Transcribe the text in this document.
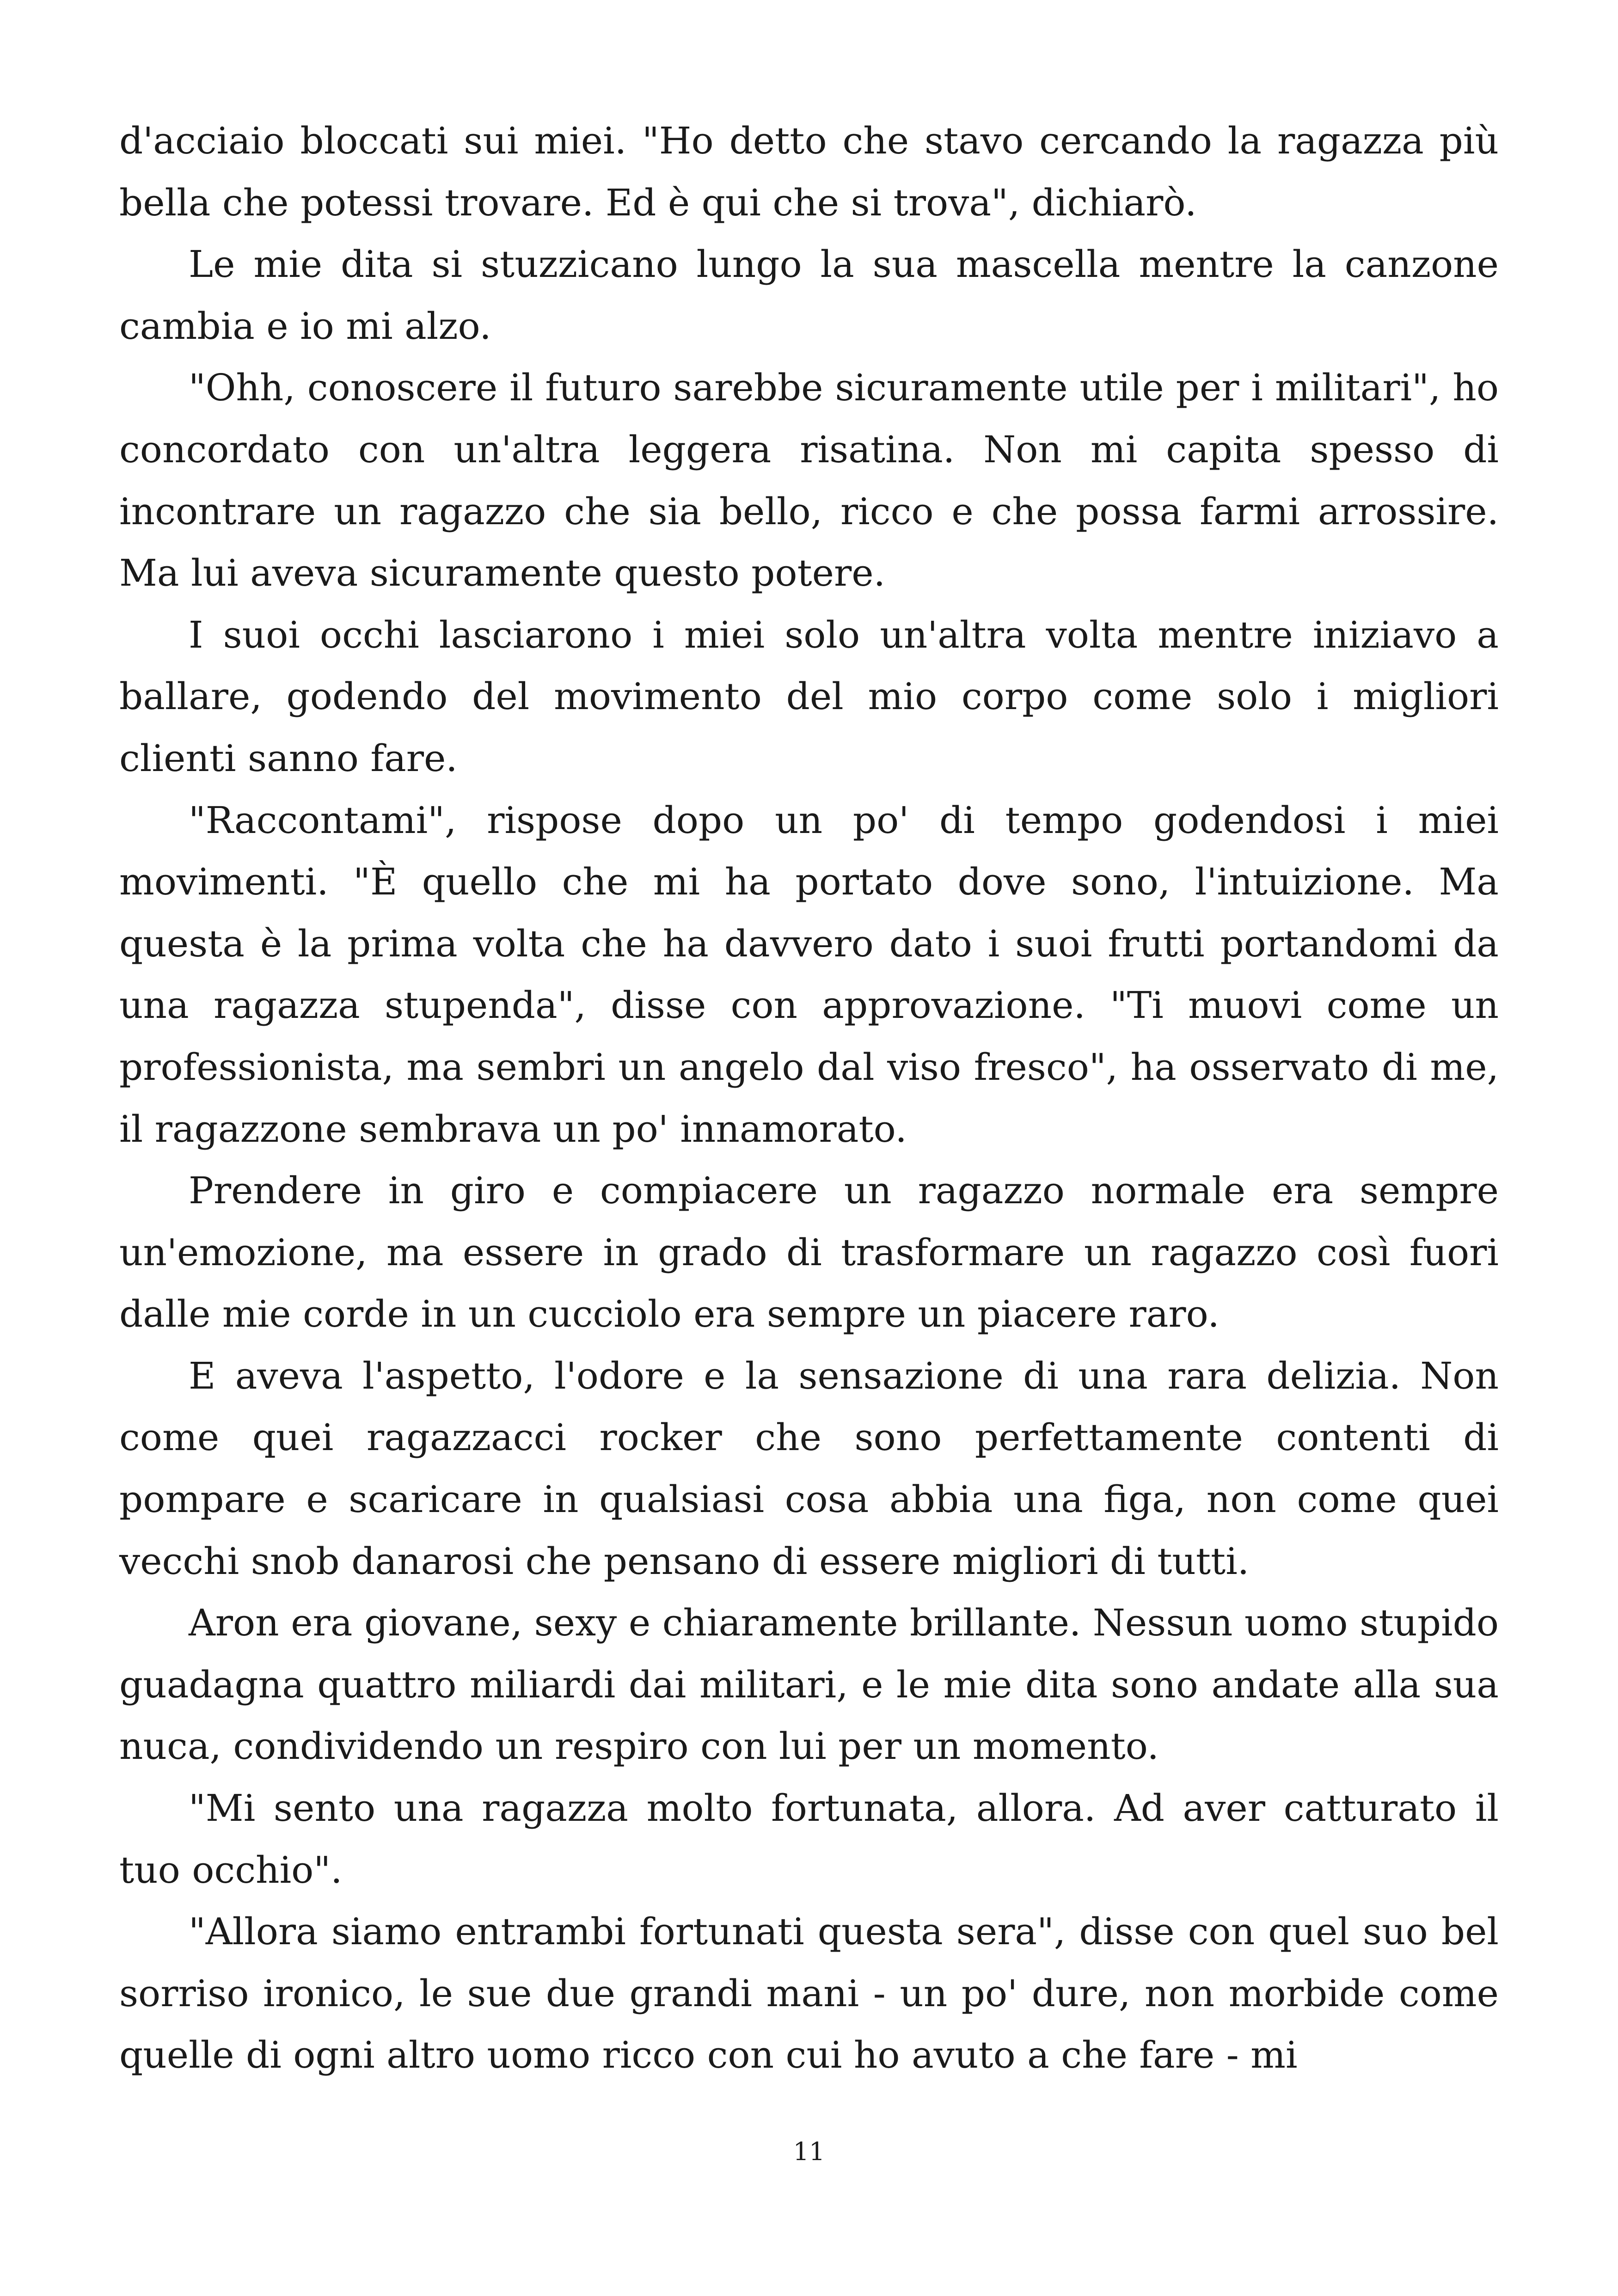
d'acciaio bloccati sui miei. "Ho detto che stavo cercando la ragazza più bella che potessi trovare. Ed è qui che si trova", dichiarò.

Le mie dita si stuzzicano lungo la sua mascella mentre la canzone cambia e io mi alzo.

"Ohh, conoscere il futuro sarebbe sicuramente utile per i militari", ho concordato con un'altra leggera risatina. Non mi capita spesso di incontrare un ragazzo che sia bello, ricco e che possa farmi arrossire. Ma lui aveva sicuramente questo potere.

I suoi occhi lasciarono i miei solo un'altra volta mentre iniziavo a ballare, godendo del movimento del mio corpo come solo i migliori clienti sanno fare.

"Raccontami", rispose dopo un po' di tempo godendosi i miei movimenti. "È quello che mi ha portato dove sono, l'intuizione. Ma questa è la prima volta che ha davvero dato i suoi frutti portandomi da una ragazza stupenda", disse con approvazione. "Ti muovi come un professionista, ma sembri un angelo dal viso fresco", ha osservato di me, il ragazzone sembrava un po' innamorato.

Prendere in giro e compiacere un ragazzo normale era sempre un'emozione, ma essere in grado di trasformare un ragazzo così fuori dalle mie corde in un cucciolo era sempre un piacere raro.

E aveva l'aspetto, l'odore e la sensazione di una rara delizia. Non come quei ragazzacci rocker che sono perfettamente contenti di pompare e scaricare in qualsiasi cosa abbia una figa, non come quei vecchi snob danarosi che pensano di essere migliori di tutti.

Aron era giovane, sexy e chiaramente brillante. Nessun uomo stupido guadagna quattro miliardi dai militari, e le mie dita sono andate alla sua nuca, condividendo un respiro con lui per un momento.

"Mi sento una ragazza molto fortunata, allora. Ad aver catturato il tuo occhio".

"Allora siamo entrambi fortunati questa sera", disse con quel suo bel sorriso ironico, le sue due grandi mani - un po' dure, non morbide come quelle di ogni altro uomo ricco con cui ho avuto a che fare - mi

11
